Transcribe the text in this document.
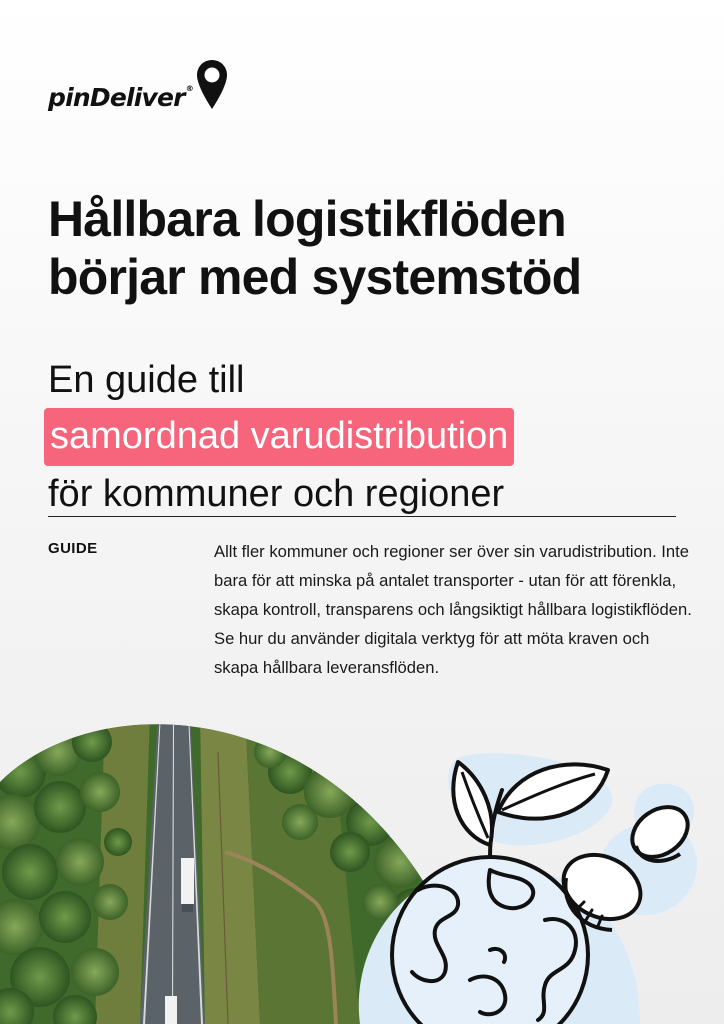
pinDeliver®
Hållbara logistikflöden
börjar med systemstöd
En guide till
samordnad varudistribution
för kommuner och regioner
GUIDE	Allt fler kommuner och regioner ser över sin varudistribution. Inte bara för att minska på antalet transporter - utan för att förenkla, skapa kontroll, transparens och långsiktigt hållbara logistikflöden. Se hur du använder digitala verktyg för att möta kraven och skapa hållbara leveransflöden.
